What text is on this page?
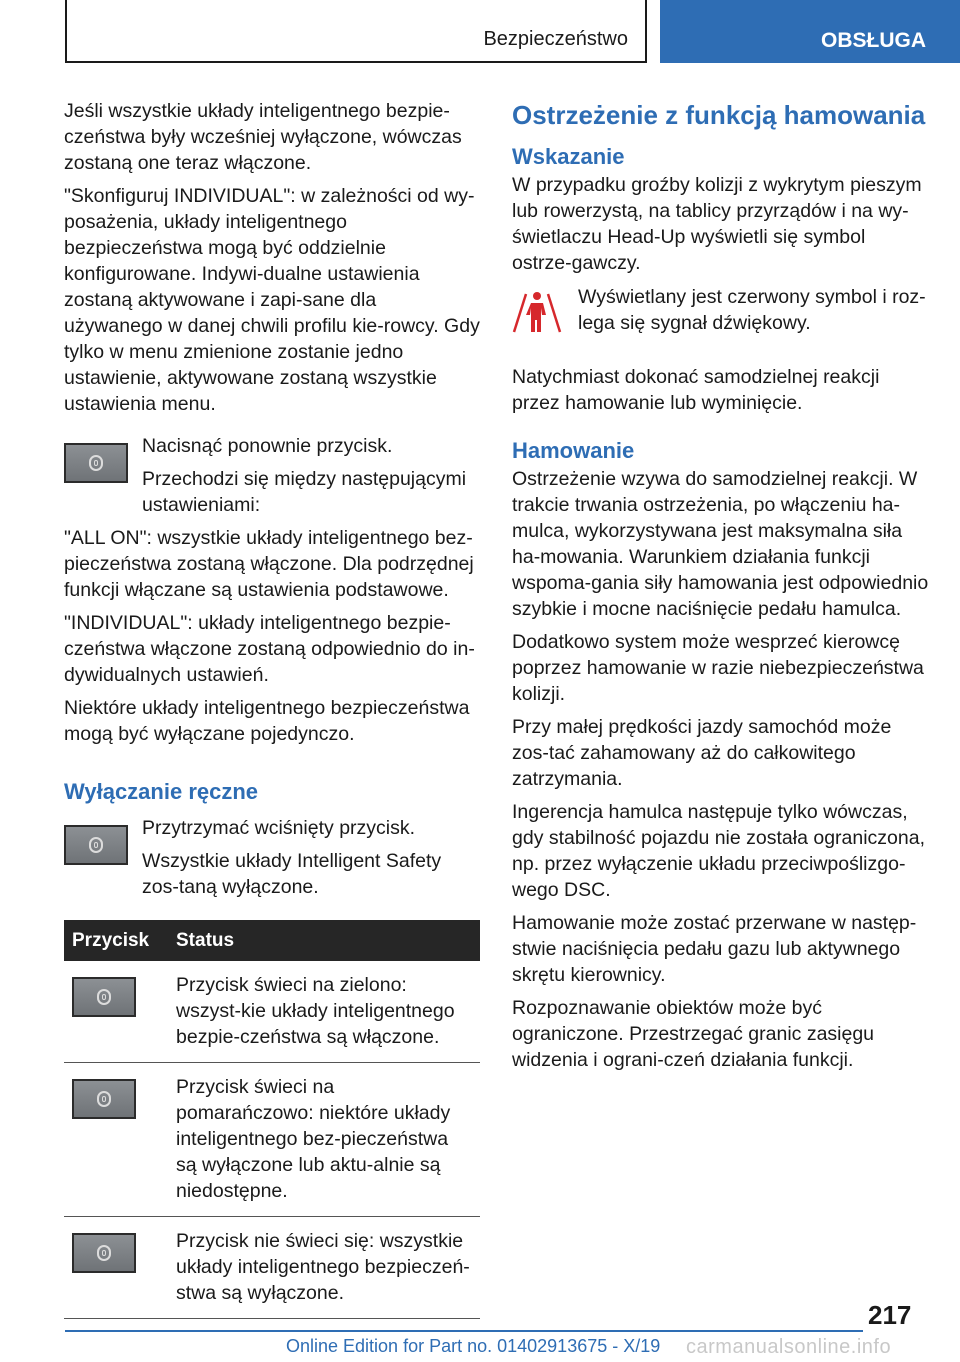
Bezpieczeństwo	OBSŁUGA

Jeśli wszystkie układy inteligentnego bezpie-czeństwa były wcześniej wyłączone, wówczas zostaną one teraz włączone.

"Skonfiguruj INDIVIDUAL": w zależności od wy-posażenia, układy inteligentnego bezpieczeństwa mogą być oddzielnie konfigurowane. Indywi-dualne ustawienia zostaną aktywowane i zapi-sane dla używanego w danej chwili profilu kie-rowcy. Gdy tylko w menu zmienione zostanie jedno ustawienie, aktywowane zostaną wszystkie ustawienia menu.

Nacisnąć ponownie przycisk.

Przechodzi się między następującymi ustawieniami:

"ALL ON": wszystkie układy inteligentnego bez-pieczeństwa zostaną włączone. Dla podrzędnej funkcji włączane są ustawienia podstawowe.

"INDIVIDUAL": układy inteligentnego bezpie-czeństwa włączone zostaną odpowiednio do in-dywidualnych ustawień.

Niektóre układy inteligentnego bezpieczeństwa mogą być wyłączane pojedynczo.

Wyłączanie ręczne

Przytrzymać wciśnięty przycisk.

Wszystkie układy Intelligent Safety zos-taną wyłączone.

Przycisk	Status

	Przycisk świeci na zielono: wszyst-kie układy inteligentnego bezpie-czeństwa są włączone.

	Przycisk świeci na pomarańczowo: niektóre układy inteligentnego bez-pieczeństwa są wyłączone lub aktu-alnie są niedostępne.

	Przycisk nie świeci się: wszystkie układy inteligentnego bezpieczeń-stwa są wyłączone.
Ostrzeżenie z funkcją hamowania
Wskazanie

W przypadku groźby kolizji z wykrytym pieszym lub rowerzystą, na tablicy przyrządów i na wy-świetlaczu Head-Up wyświetli się symbol ostrze-gawczy.

Wyświetlany jest czerwony symbol i roz-lega się sygnał dźwiękowy.

Natychmiast dokonać samodzielnej reakcji przez hamowanie lub wyminięcie.

Hamowanie

Ostrzeżenie wzywa do samodzielnej reakcji. W trakcie trwania ostrzeżenia, po włączeniu ha-mulca, wykorzystywana jest maksymalna siła ha-mowania. Warunkiem działania funkcji wspoma-gania siły hamowania jest odpowiednio szybkie i mocne naciśnięcie pedału hamulca.

Dodatkowo system może wesprzeć kierowcę poprzez hamowanie w razie niebezpieczeństwa kolizji.

Przy małej prędkości jazdy samochód może zos-tać zahamowany aż do całkowitego zatrzymania.

Ingerencja hamulca następuje tylko wówczas, gdy stabilność pojazdu nie została ograniczona, np. przez wyłączenie układu przeciwpoślizgo-wego DSC.

Hamowanie może zostać przerwane w następ-stwie naciśnięcia pedału gazu lub aktywnego skrętu kierownicy.

Rozpoznawanie obiektów może być ograniczone. Przestrzegać granic zasięgu widzenia i ograni-czeń działania funkcji.

217
Online Edition for Part no. 01402913675 - X/19 carmanualsonline.info
